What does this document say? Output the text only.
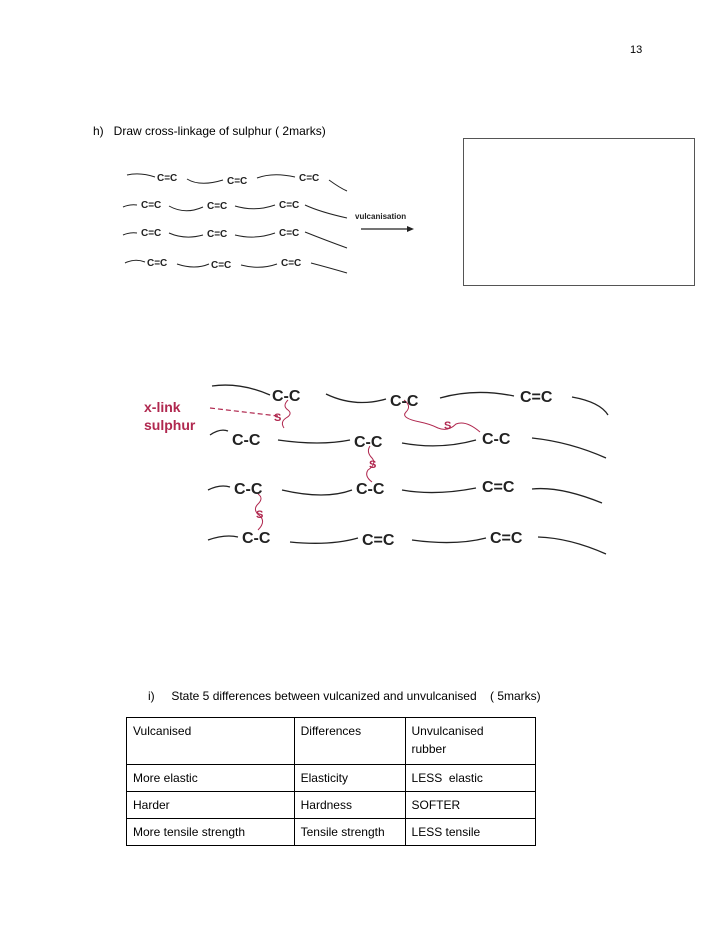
13
h)   Draw cross-linkage of sulphur ( 2marks)
C=C	C=C	C=C
C=C	C=C	C=C
C=C	C=C	C=C
C=C	C=C	C=C
vulcanisation
x-link
sulphur	S
S
S
S
C-C	C-C	C=C
C-C	C-C	C-C
C-C	C-C	C=C
C-C	C=C	C=C
i)     State 5 differences between vulcanized and unvulcanised    ( 5marks)
Vulcanised	Differences	Unvulcanised
rubber

More elastic	Elasticity	LESS  elastic
Harder	Hardness	SOFTER
More tensile strength	Tensile strength	LESS tensile
